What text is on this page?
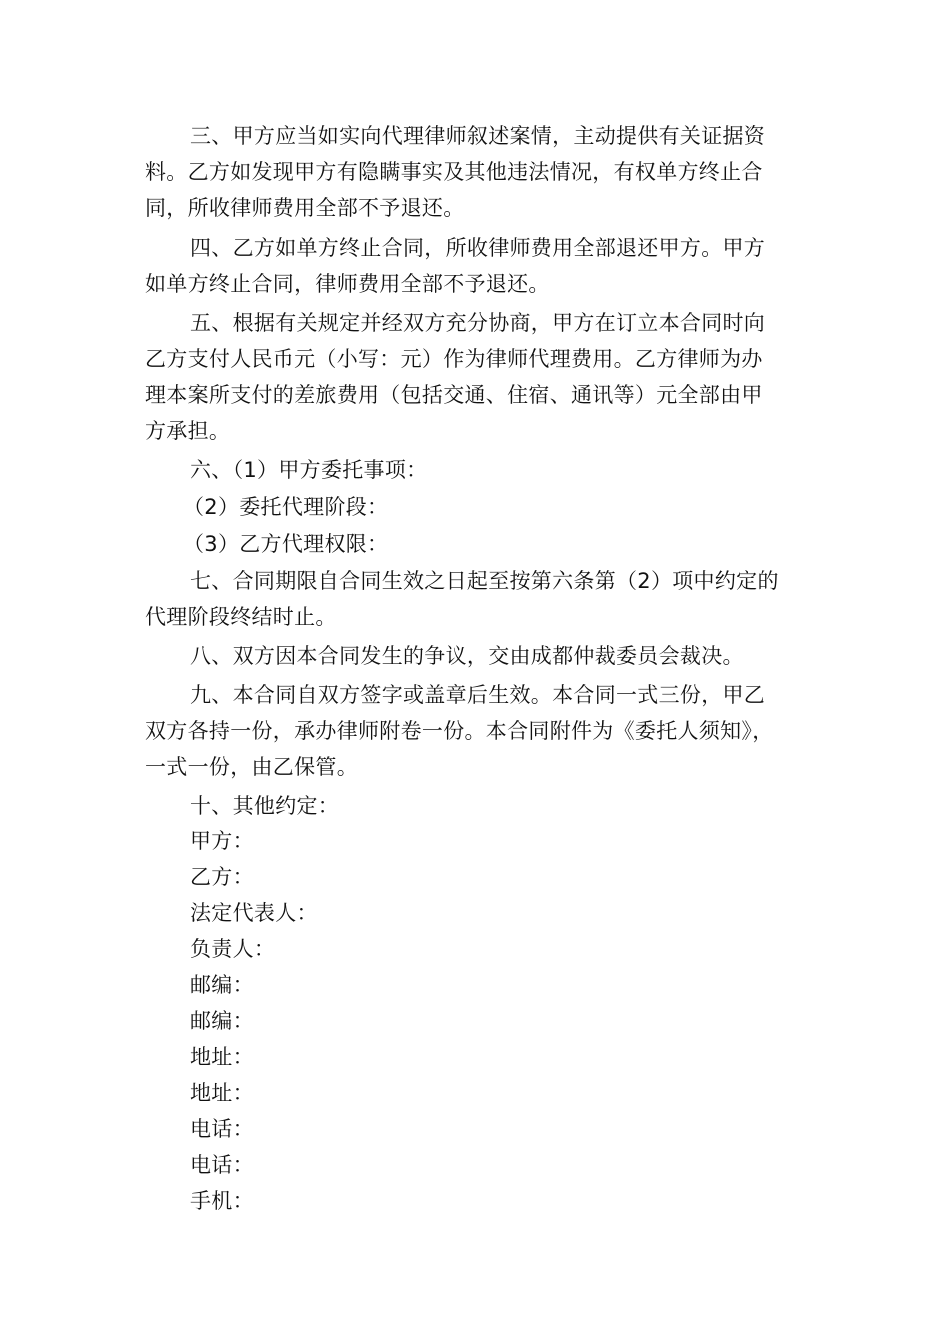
三、甲方应当如实向代理律师叙述案情，主动提供有关证据资
料。乙方如发现甲方有隐瞒事实及其他违法情况，有权单方终止合
同，所收律师费用全部不予退还。
四、乙方如单方终止合同，所收律师费用全部退还甲方。甲方
如单方终止合同，律师费用全部不予退还。
五、根据有关规定并经双方充分协商，甲方在订立本合同时向
乙方支付人民币元（小写：元）作为律师代理费用。乙方律师为办
理本案所支付的差旅费用（包括交通、住宿、通讯等）元全部由甲
方承担。
六、（1）甲方委托事项：
（2）委托代理阶段：
（3）乙方代理权限：
七、合同期限自合同生效之日起至按第六条第（2）项中约定的
代理阶段终结时止。
八、双方因本合同发生的争议，交由成都仲裁委员会裁决。
九、本合同自双方签字或盖章后生效。本合同一式三份，甲乙
双方各持一份，承办律师附卷一份。本合同附件为《委托人须知》，
一式一份，由乙保管。
十、其他约定：
甲方：
乙方：
法定代表人：
负责人：
邮编：
邮编：
地址：
地址：
电话：
电话：
手机：
